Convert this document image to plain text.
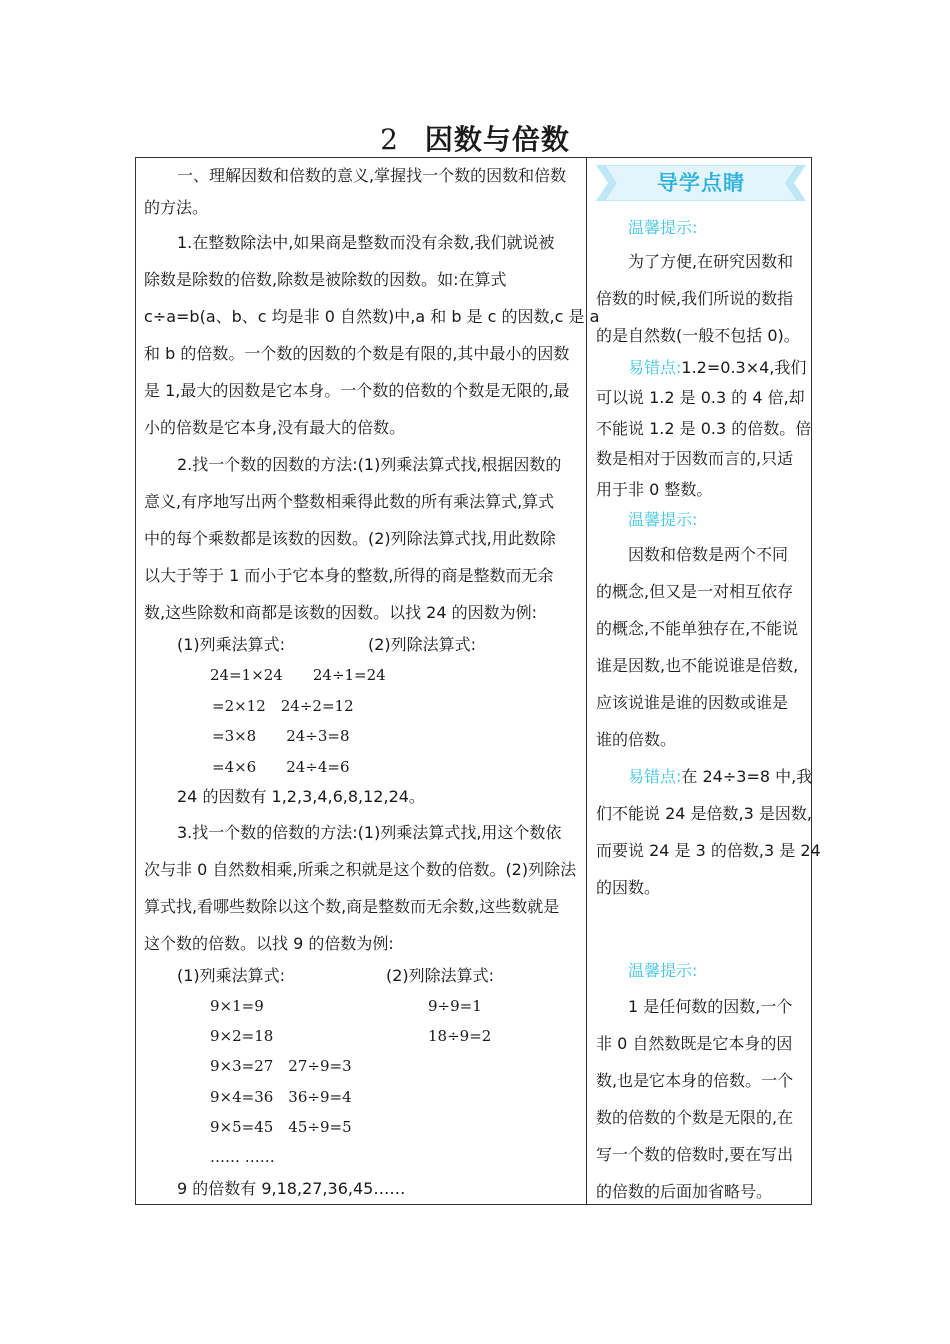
2 因数与倍数
一、理解因数和倍数的意义,掌握找一个数的因数和倍数
的方法。
1.在整数除法中,如果商是整数而没有余数,我们就说被
除数是除数的倍数,除数是被除数的因数。如:在算式
c÷a=b(a、b、c 均是非 0 自然数)中,a 和 b 是 c 的因数,c 是 a
和 b 的倍数。一个数的因数的个数是有限的,其中最小的因数
是 1,最大的因数是它本身。一个数的倍数的个数是无限的,最
小的倍数是它本身,没有最大的倍数。
2.找一个数的因数的方法:(1)列乘法算式找,根据因数的
意义,有序地写出两个整数相乘得此数的所有乘法算式,算式
中的每个乘数都是该数的因数。(2)列除法算式找,用此数除
以大于等于 1 而小于它本身的整数,所得的商是整数而无余
数,这些除数和商都是该数的因数。以找 24 的因数为例:
(1)列乘法算式:	(2)列除法算式:
24=1×24　　24÷1=24
=2×12　24÷2=12
=3×8　　24÷3=8
=4×6　　24÷4=6
24 的因数有 1,2,3,4,6,8,12,24。
3.找一个数的倍数的方法:(1)列乘法算式找,用这个数依
次与非 0 自然数相乘,所乘之积就是这个数的倍数。(2)列除法
算式找,看哪些数除以这个数,商是整数而无余数,这些数就是
这个数的倍数。以找 9 的倍数为例:
(1)列乘法算式:	(2)列除法算式:
9×1=9	9÷9=1
9×2=18	18÷9=2
9×3=27　27÷9=3
9×4=36　36÷9=4
9×5=45　45÷9=5
…… ……
9 的倍数有 9,18,27,36,45……
导学点睛
温馨提示:
为了方便,在研究因数和
倍数的时候,我们所说的数指
的是自然数(一般不包括 0)。
易错点:1.2=0.3×4,我们
可以说 1.2 是 0.3 的 4 倍,却
不能说 1.2 是 0.3 的倍数。倍
数是相对于因数而言的,只适
用于非 0 整数。
温馨提示:
因数和倍数是两个不同
的概念,但又是一对相互依存
的概念,不能单独存在,不能说
谁是因数,也不能说谁是倍数,
应该说谁是谁的因数或谁是
谁的倍数。
易错点:在 24÷3=8 中,我
们不能说 24 是倍数,3 是因数,
而要说 24 是 3 的倍数,3 是 24
的因数。
温馨提示:
1 是任何数的因数,一个
非 0 自然数既是它本身的因
数,也是它本身的倍数。一个
数的倍数的个数是无限的,在
写一个数的倍数时,要在写出
的倍数的后面加省略号。
